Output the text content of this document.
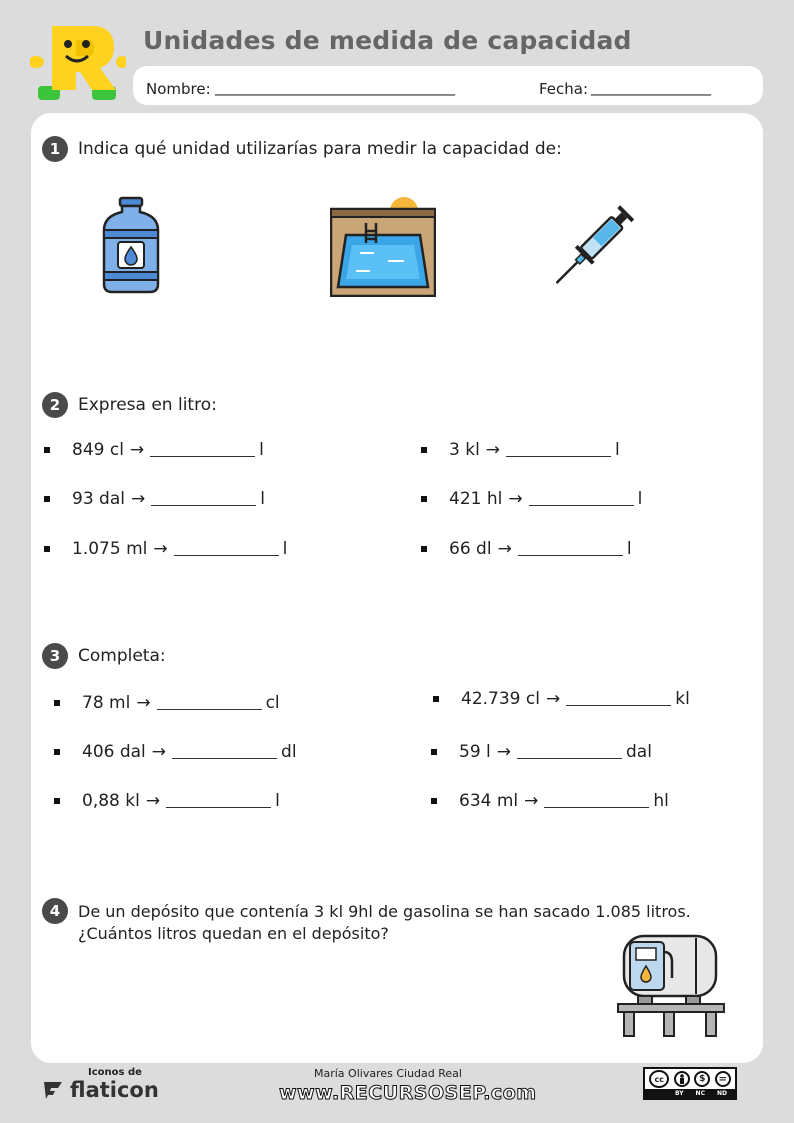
Unidades de medida de capacidad
Nombre: ________________________________	Fecha: ________________
1	Indica qué unidad utilizarías para medir la capacidad de:
2	Expresa en litro:
849 cl →	l
93 dal →	l
1.075 ml →	l
3 kl →	l
421 hl →	l
66 dl →	l
3	Completa:
78 ml →	cl
406 dal →	dl
0,88 kl →	l
42.739 cl →	kl
59 l →	dal
634 ml →	hl
4	De un depósito que contenía 3 kl 9hl de gasolina se han sacado 1.085 litros.
¿Cuántos litros quedan en el depósito?
Iconos de
flaticon
María Olivares Ciudad Real
www.RECURSOSEP.com
cc	$	=
BY NC ND
